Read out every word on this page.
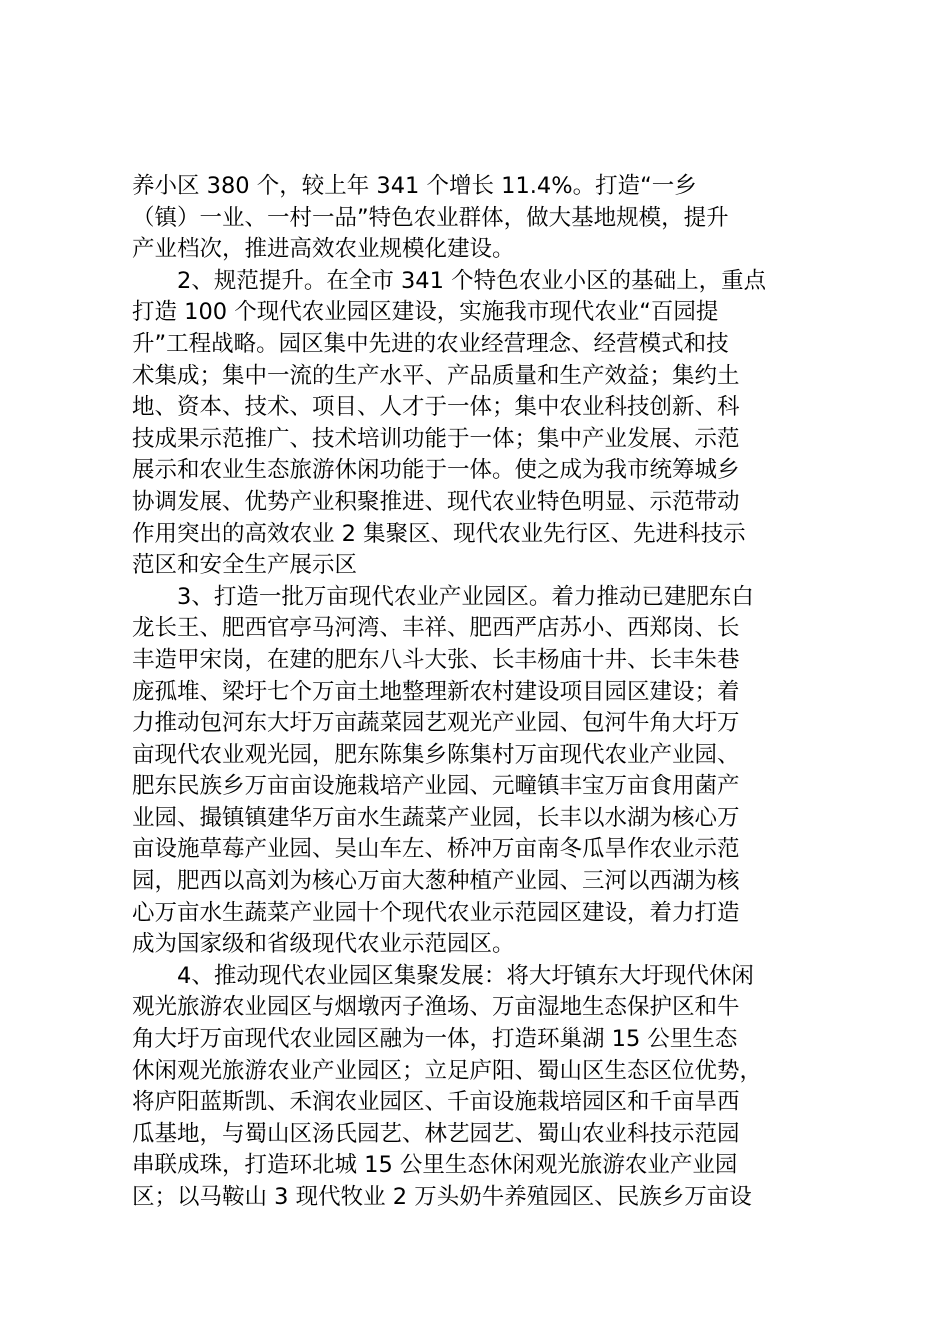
养小区 380 个，较上年 341 个增长 11.4%。打造“一乡
（镇）一业、一村一品”特色农业群体，做大基地规模，提升
产业档次，推进高效农业规模化建设。
2、规范提升。在全市 341 个特色农业小区的基础上，重点
打造 100 个现代农业园区建设，实施我市现代农业“百园提
升”工程战略。园区集中先进的农业经营理念、经营模式和技
术集成；集中一流的生产水平、产品质量和生产效益；集约土
地、资本、技术、项目、人才于一体；集中农业科技创新、科
技成果示范推广、技术培训功能于一体；集中产业发展、示范
展示和农业生态旅游休闲功能于一体。使之成为我市统筹城乡
协调发展、优势产业积聚推进、现代农业特色明显、示范带动
作用突出的高效农业 2 集聚区、现代农业先行区、先进科技示
范区和安全生产展示区
3、打造一批万亩现代农业产业园区。着力推动已建肥东白
龙长王、肥西官亭马河湾、丰祥、肥西严店苏小、西郑岗、长
丰造甲宋岗，在建的肥东八斗大张、长丰杨庙十井、长丰朱巷
庞孤堆、梁圩七个万亩土地整理新农村建设项目园区建设；着
力推动包河东大圩万亩蔬菜园艺观光产业园、包河牛角大圩万
亩现代农业观光园，肥东陈集乡陈集村万亩现代农业产业园、
肥东民族乡万亩亩设施栽培产业园、元疃镇丰宝万亩食用菌产
业园、撮镇镇建华万亩水生蔬菜产业园，长丰以水湖为核心万
亩设施草莓产业园、吴山车左、桥冲万亩南冬瓜旱作农业示范
园，肥西以高刘为核心万亩大葱种植产业园、三河以西湖为核
心万亩水生蔬菜产业园十个现代农业示范园区建设，着力打造
成为国家级和省级现代农业示范园区。
4、推动现代农业园区集聚发展：将大圩镇东大圩现代休闲
观光旅游农业园区与烟墩丙子渔场、万亩湿地生态保护区和牛
角大圩万亩现代农业园区融为一体，打造环巢湖 15 公里生态
休闲观光旅游农业产业园区；立足庐阳、蜀山区生态区位优势，
将庐阳蓝斯凯、禾润农业园区、千亩设施栽培园区和千亩旱西
瓜基地，与蜀山区汤氏园艺、林艺园艺、蜀山农业科技示范园
串联成珠，打造环北城 15 公里生态休闲观光旅游农业产业园
区；以马鞍山 3 现代牧业 2 万头奶牛养殖园区、民族乡万亩设
